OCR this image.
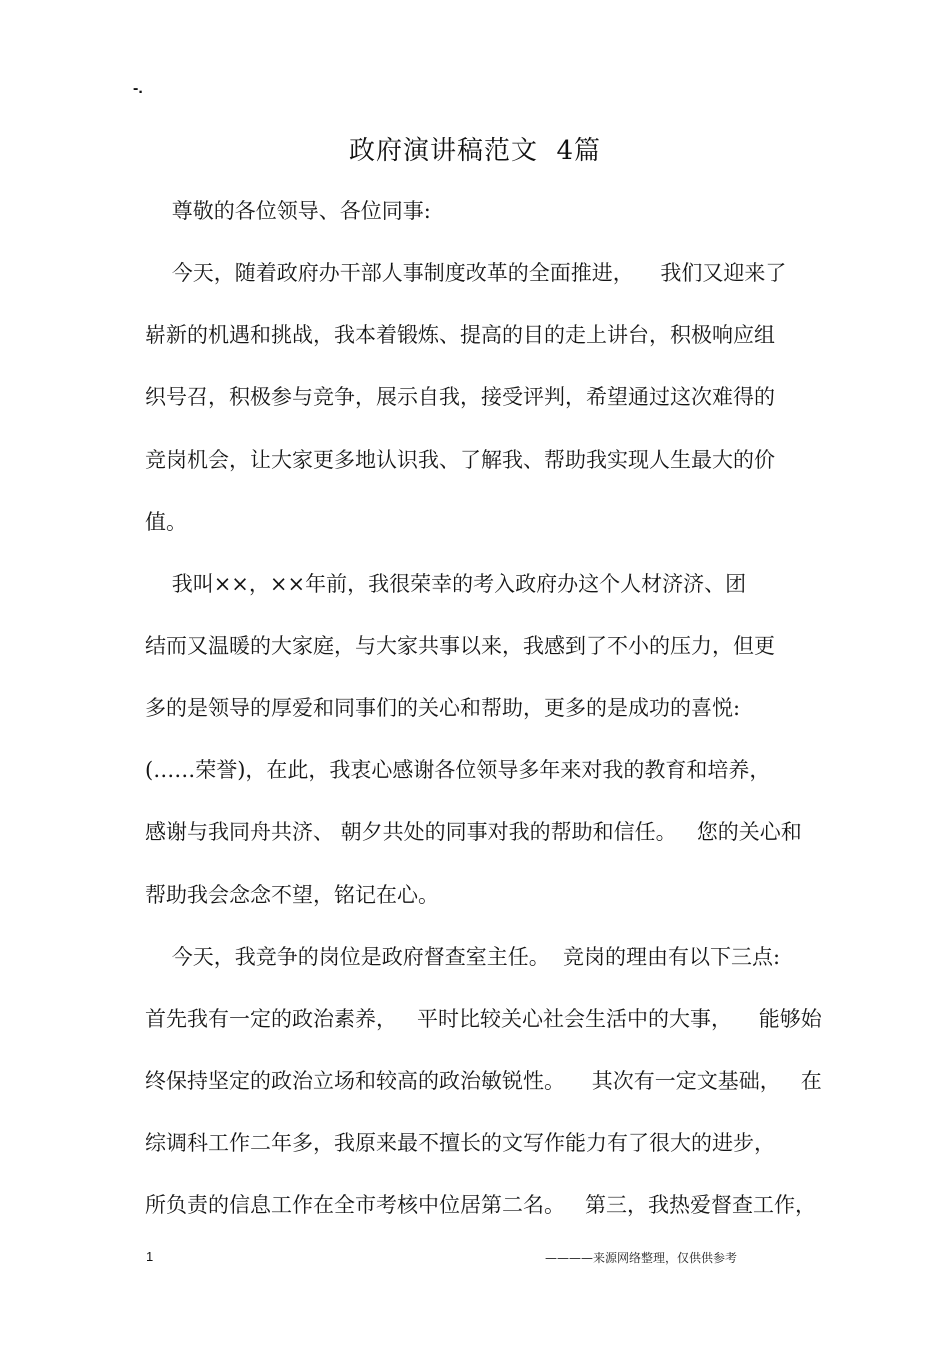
-.
政府演讲稿范文  4篇
尊敬的各位领导、各位同事:
今天，随着政府办干部人事制度改革的全面推进，    我们又迎来了
崭新的机遇和挑战，我本着锻炼、提高的目的走上讲台，积极响应组
织号召，积极参与竞争，展示自我，接受评判，希望通过这次难得的
竞岗机会，让大家更多地认识我、了解我、帮助我实现人生最大的价
值。
我叫××，××年前，我很荣幸的考入政府办这个人材济济、团
结而又温暖的大家庭，与大家共事以来，我感到了不小的压力，但更
多的是领导的厚爱和同事们的关心和帮助，更多的是成功的喜悦:
(……荣誉)，在此，我衷心感谢各位领导多年来对我的教育和培养，
感谢与我同舟共济、 朝夕共处的同事对我的帮助和信任。   您的关心和
帮助我会念念不望，铭记在心。
今天，我竞争的岗位是政府督查室主任。  竞岗的理由有以下三点:
首先我有一定的政治素养，   平时比较关心社会生活中的大事，    能够始
终保持坚定的政治立场和较高的政治敏锐性。    其次有一定文基础，   在
综调科工作二年多，我原来最不擅长的文写作能力有了很大的进步，
所负责的信息工作在全市考核中位居第二名。   第三，我热爱督查工作，
1	————来源网络整理，仅供供参考
